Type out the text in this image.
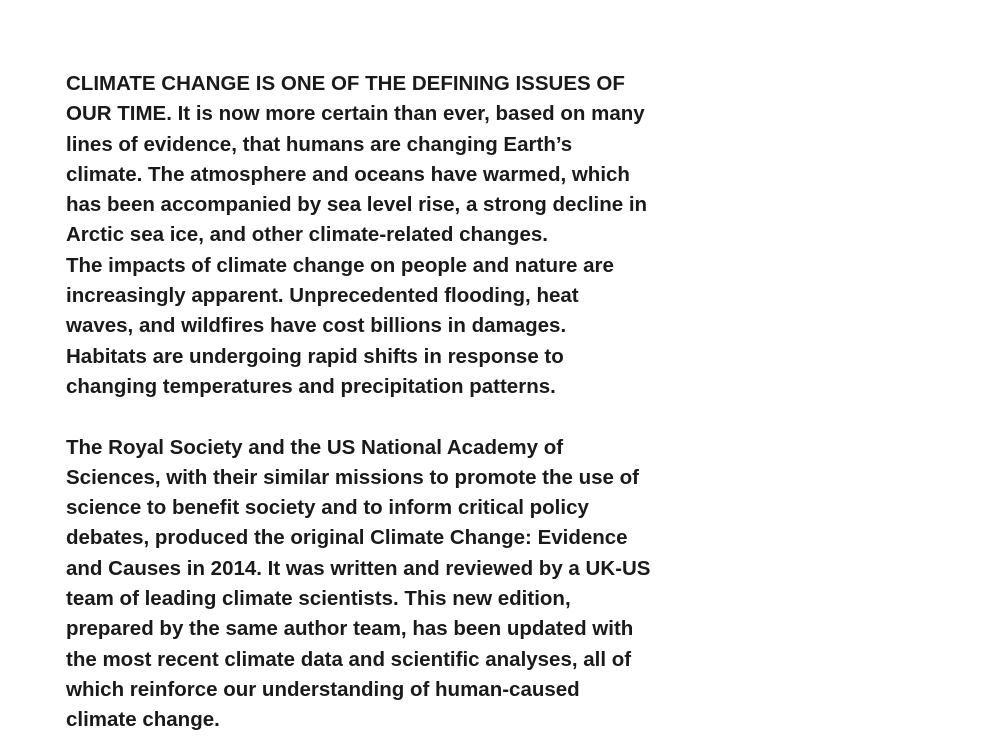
CLIMATE CHANGE IS ONE OF THE DEFINING ISSUES OF
OUR TIME. It is now more certain than ever, based on many
lines of evidence, that humans are changing Earth’s
climate. The atmosphere and oceans have warmed, which
has been accompanied by sea level rise, a strong decline in
Arctic sea ice, and other climate-related changes.
The impacts of climate change on people and nature are
increasingly apparent. Unprecedented flooding, heat
waves, and wildfires have cost billions in damages.
Habitats are undergoing rapid shifts in response to
changing temperatures and precipitation patterns.
The Royal Society and the US National Academy of
Sciences, with their similar missions to promote the use of
science to benefit society and to inform critical policy
debates, produced the original Climate Change: Evidence
and Causes in 2014. It was written and reviewed by a UK-US
team of leading climate scientists. This new edition,
prepared by the same author team, has been updated with
the most recent climate data and scientific analyses, all of
which reinforce our understanding of human-caused
climate change.
